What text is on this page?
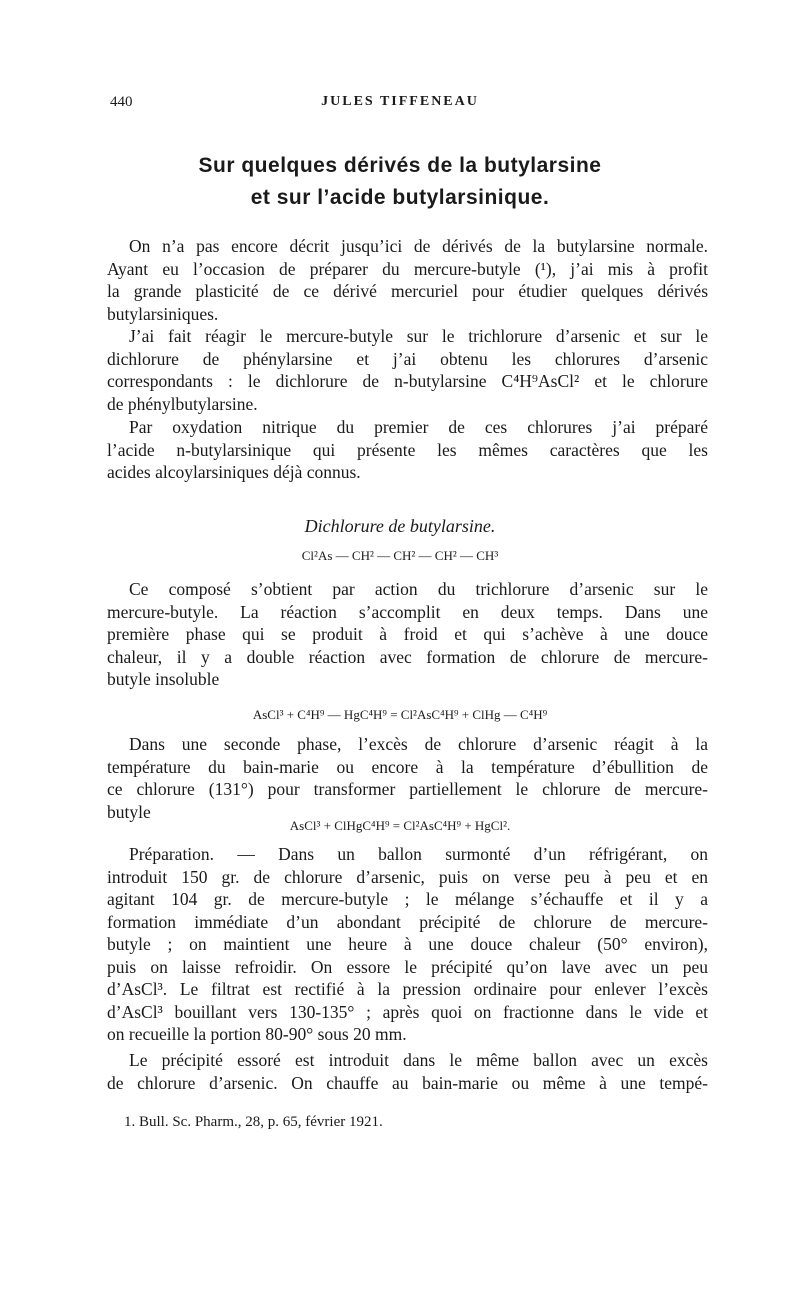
440	JULES TIFFENEAU
Sur quelques dérivés de la butylarsine
et sur l’acide butylarsinique.
On n’a pas encore décrit jusqu’ici de dérivés de la butylarsine normale.
Ayant eu l’occasion de préparer du mercure-butyle (¹), j’ai mis à profit
la grande plasticité de ce dérivé mercuriel pour étudier quelques dérivés
butylarsiniques.
J’ai fait réagir le mercure-butyle sur le trichlorure d’arsenic et sur le
dichlorure de phénylarsine et j’ai obtenu les chlorures d’arsenic
correspondants : le dichlorure de n-butylarsine C⁴H⁹AsCl² et le chlorure
de phénylbutylarsine.
Par oxydation nitrique du premier de ces chlorures j’ai préparé
l’acide n-butylarsinique qui présente les mêmes caractères que les
acides alcoylarsiniques déjà connus.
Dichlorure de butylarsine.
Cl²As — CH² — CH² — CH² — CH³
Ce composé s’obtient par action du trichlorure d’arsenic sur le
mercure-butyle. La réaction s’accomplit en deux temps. Dans une
première phase qui se produit à froid et qui s’achève à une douce
chaleur, il y a double réaction avec formation de chlorure de mercure-
butyle insoluble
AsCl³ + C⁴H⁹ — HgC⁴H⁹ = Cl²AsC⁴H⁹ + ClHg — C⁴H⁹
Dans une seconde phase, l’excès de chlorure d’arsenic réagit à la
température du bain-marie ou encore à la température d’ébullition de
ce chlorure (131°) pour transformer partiellement le chlorure de mercure-
butyle
AsCl³ + ClHgC⁴H⁹ = Cl²AsC⁴H⁹ + HgCl².
Préparation. — Dans un ballon surmonté d’un réfrigérant, on
introduit 150 gr. de chlorure d’arsenic, puis on verse peu à peu et en
agitant 104 gr. de mercure-butyle ; le mélange s’échauffe et il y a
formation immédiate d’un abondant précipité de chlorure de mercure-
butyle ; on maintient une heure à une douce chaleur (50° environ),
puis on laisse refroidir. On essore le précipité qu’on lave avec un peu
d’AsCl³. Le filtrat est rectifié à la pression ordinaire pour enlever l’excès
d’AsCl³ bouillant vers 130-135° ; après quoi on fractionne dans le vide et
on recueille la portion 80-90° sous 20 mm.
Le précipité essoré est introduit dans le même ballon avec un excès
de chlorure d’arsenic. On chauffe au bain-marie ou même à une tempé-
1. Bull. Sc. Pharm., 28, p. 65, février 1921.
